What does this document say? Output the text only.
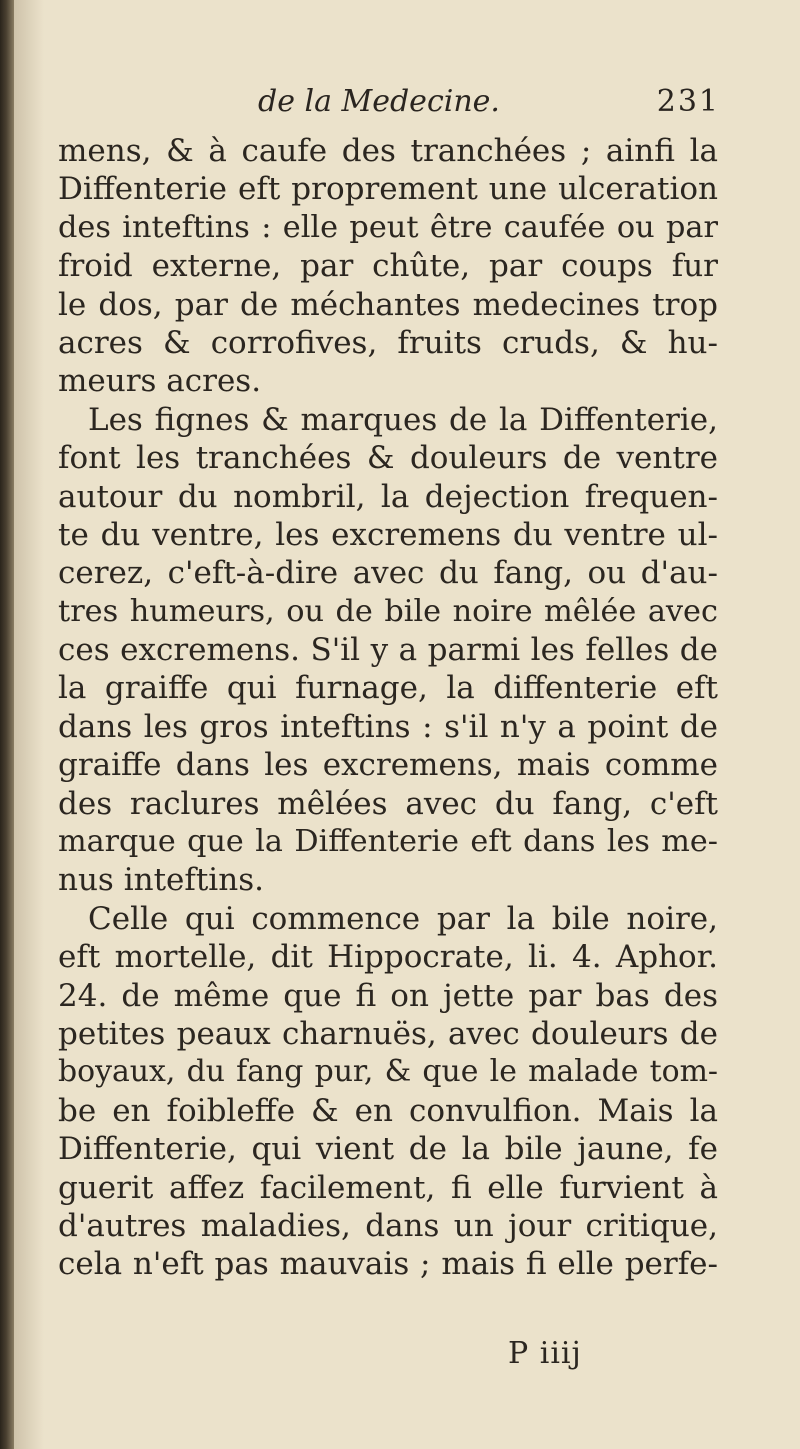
de la Medecine.	231
mens, & à caufe des tranchées ; ainfi la
Diffenterie eft proprement une ulceration
des inteftins : elle peut être caufée ou par
froid externe, par chûte, par coups fur
le dos, par de méchantes medecines trop
acres & corrofives, fruits cruds, & hu-
meurs acres.
Les fignes & marques de la Diffenterie,
font les tranchées & douleurs de ventre
autour du nombril, la dejection frequen-
te du ventre, les excremens du ventre ul-
cerez, c'eft-à-dire avec du fang, ou d'au-
tres humeurs, ou de bile noire mêlée avec
ces excremens. S'il y a parmi les felles de
la graiffe qui furnage, la diffenterie eft
dans les gros inteftins : s'il n'y a point de
graiffe dans les excremens, mais comme
des raclures mêlées avec du fang, c'eft
marque que la Diffenterie eft dans les me-
nus inteftins.
Celle qui commence par la bile noire,
eft mortelle, dit Hippocrate, li. 4. Aphor.
24. de même que fi on jette par bas des
petites peaux charnuës, avec douleurs de
boyaux, du fang pur, & que le malade tom-
be en foibleffe & en convulfion. Mais la
Diffenterie, qui vient de la bile jaune, fe
guerit affez facilement, fi elle furvient à
d'autres maladies, dans un jour critique,
cela n'eft pas mauvais ; mais fi elle perfe-
P iiij
